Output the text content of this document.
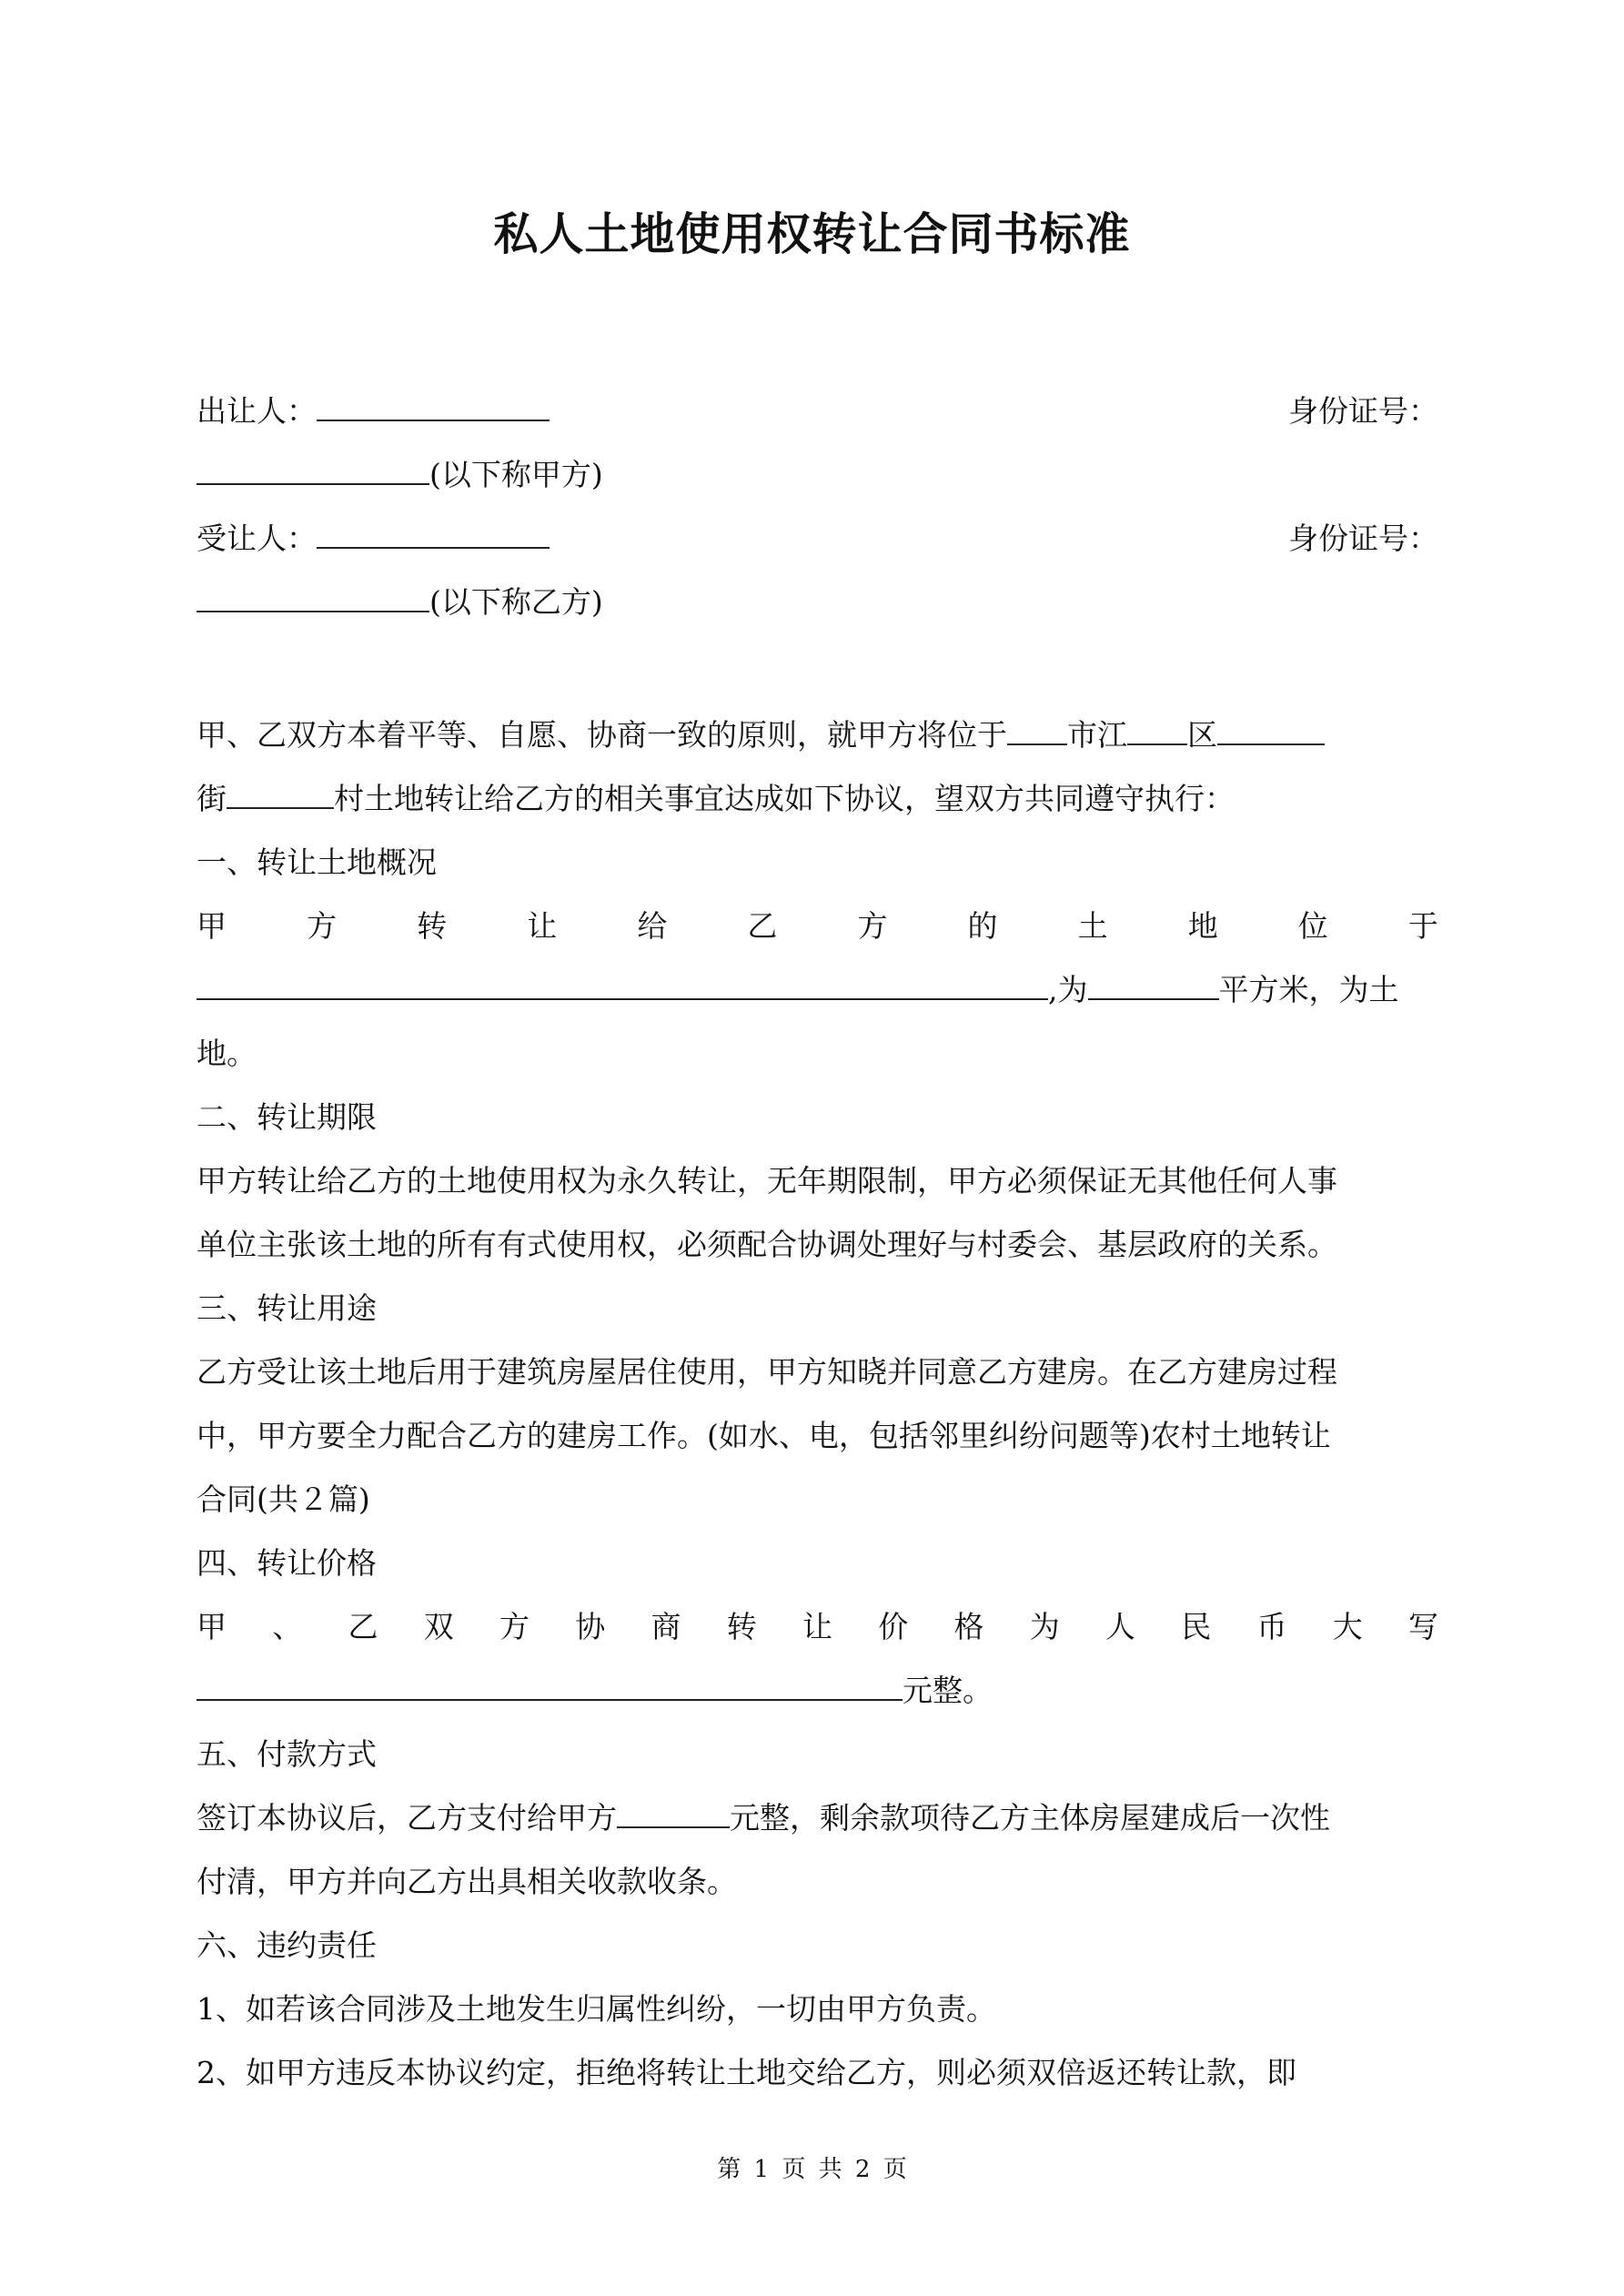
私人土地使用权转让合同书标准
出让人：	身份证号：
(以下称甲方)
受让人：	身份证号：
(以下称乙方)
甲、乙双方本着平等、自愿、协商一致的原则，就甲方将位于 市江 区
街	村土地转让给乙方的相关事宜达成如下协议，望双方共同遵守执行：
一、转让土地概况
甲	方	转	让	给	乙	方	的	土	地	位	于
,为	平方米，为土
地。
二、转让期限
甲方转让给乙方的土地使用权为永久转让，无年期限制，甲方必须保证无其他任何人事
单位主张该土地的所有有式使用权，必须配合协调处理好与村委会、基层政府的关系。
三、转让用途
乙方受让该土地后用于建筑房屋居住使用，甲方知晓并同意乙方建房。在乙方建房过程
中，甲方要全力配合乙方的建房工作。(如水、电，包括邻里纠纷问题等)农村土地转让
合同(共２篇)
四、转让价格
甲 、 乙 双 方 协 商 转 让 价 格 为 人 民 币 大 写
元整。
五、付款方式
签订本协议后，乙方支付给甲方	元整，剩余款项待乙方主体房屋建成后一次性
付清，甲方并向乙方出具相关收款收条。
六、违约责任
1、如若该合同涉及土地发生归属性纠纷，一切由甲方负责。
2、如甲方违反本协议约定，拒绝将转让土地交给乙方，则必须双倍返还转让款，即
第 1 页 共 2 页
